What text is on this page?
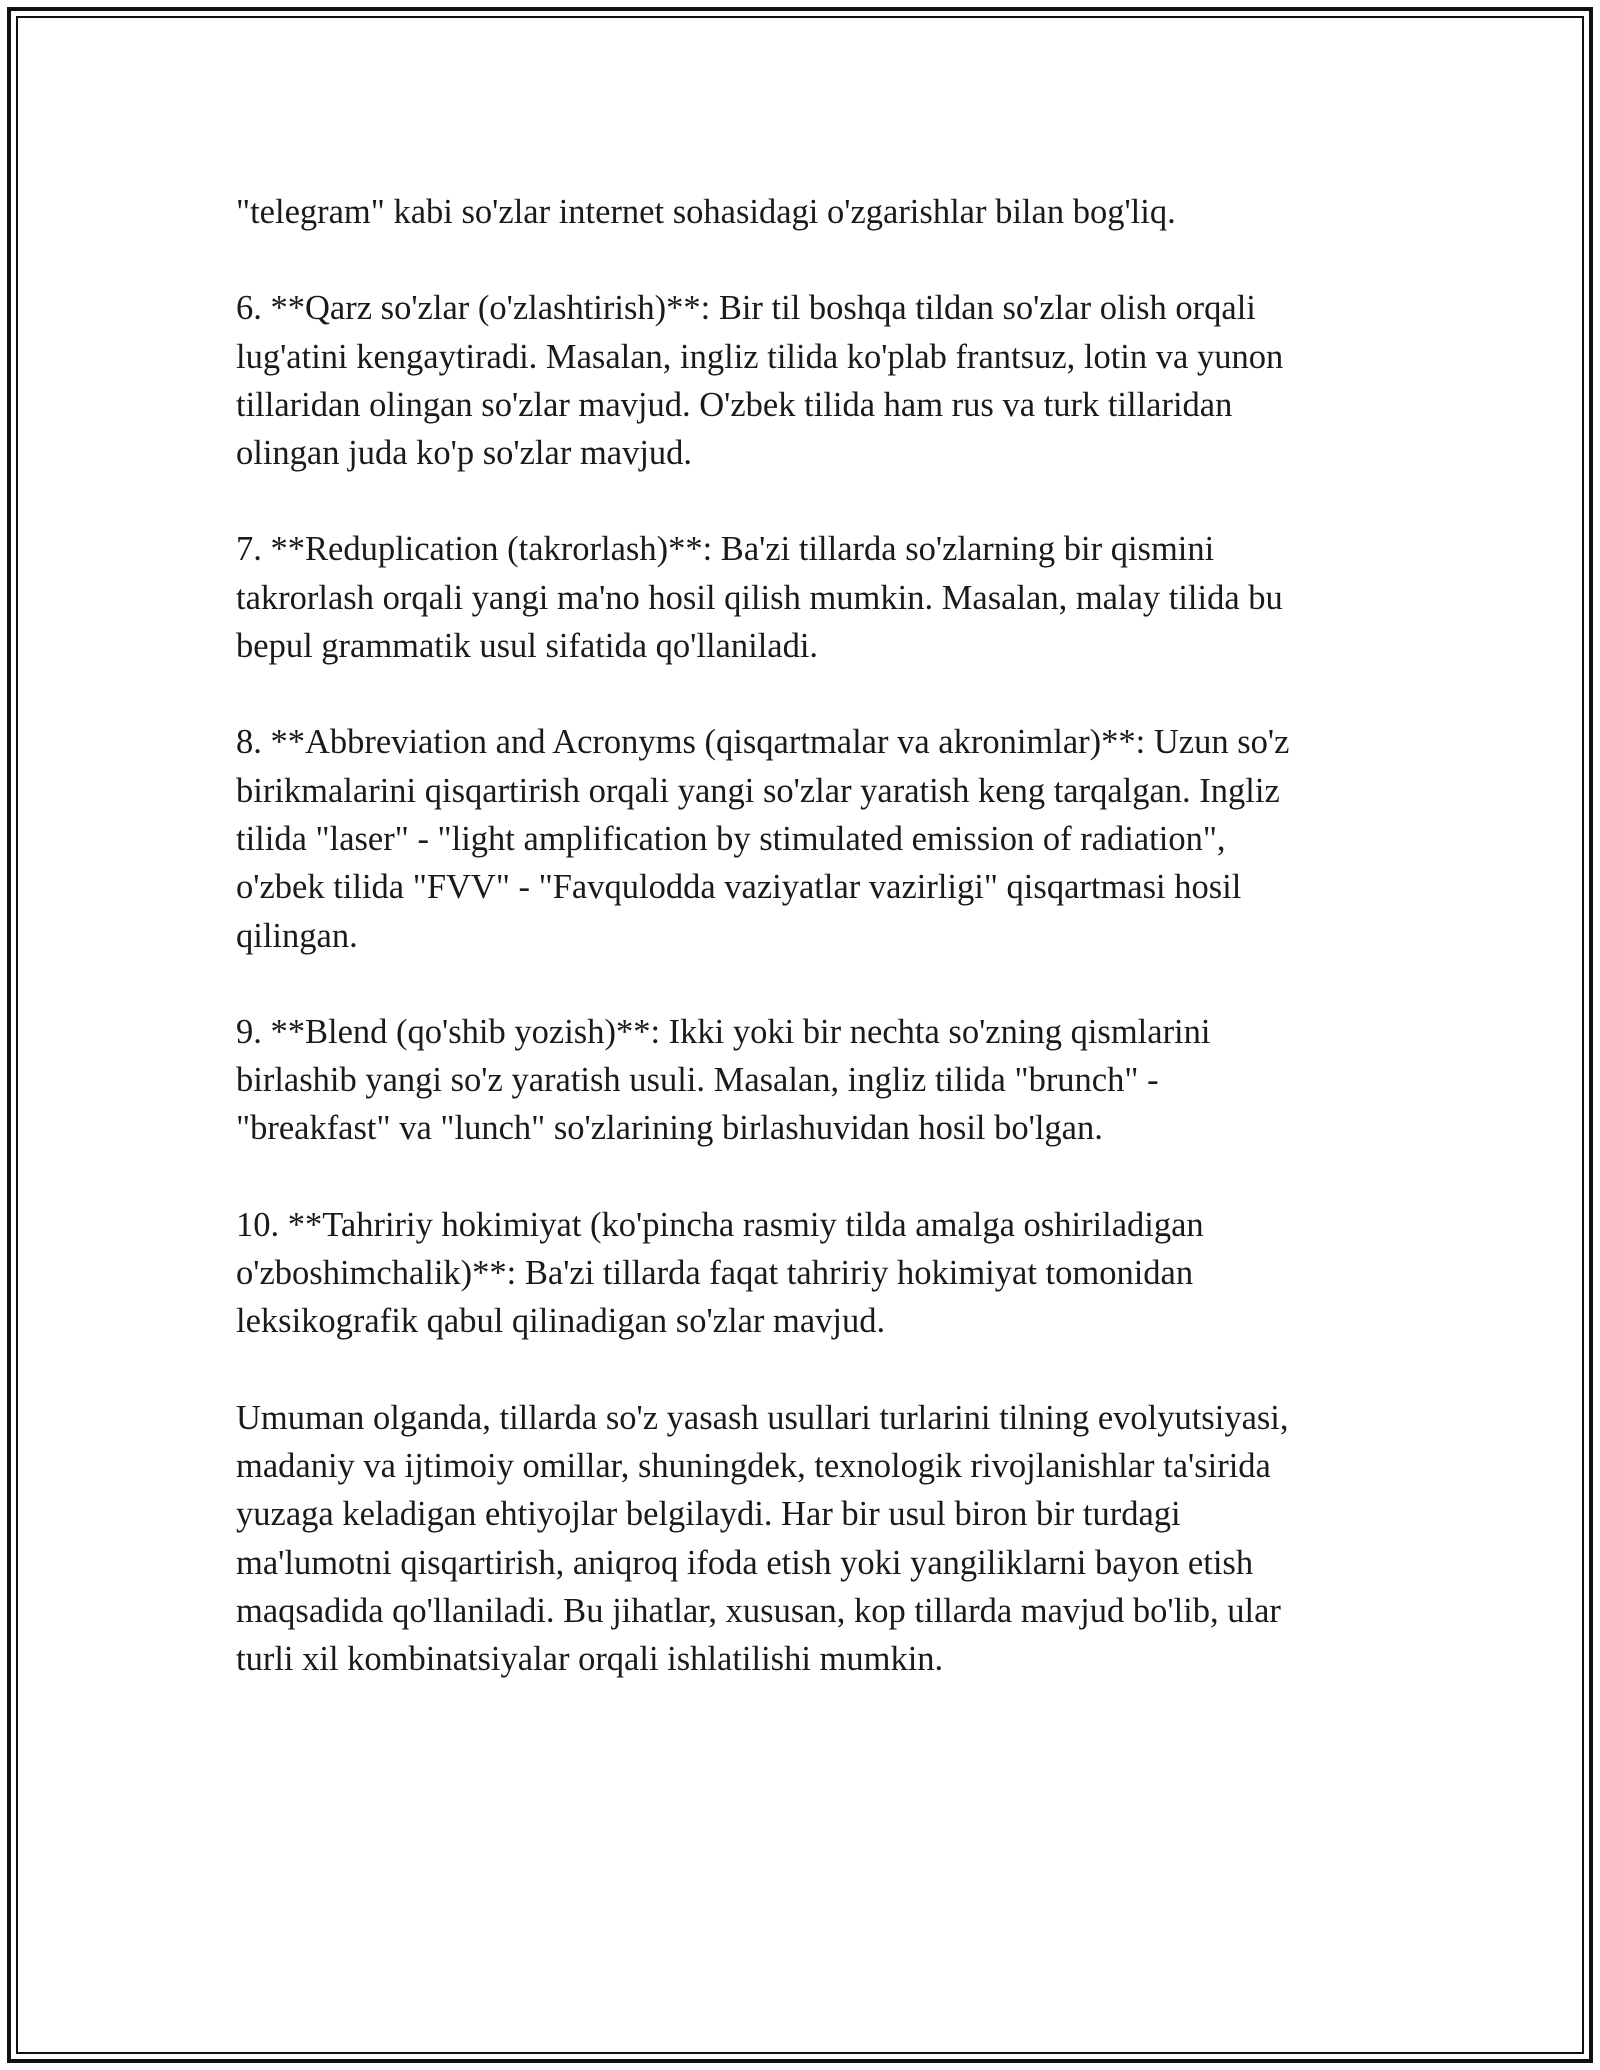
"telegram" kabi so'zlar internet sohasidagi o'zgarishlar bilan bog'liq.

6. **Qarz so'zlar (o'zlashtirish)**: Bir til boshqa tildan so'zlar olish orqali
lug'atini kengaytiradi. Masalan, ingliz tilida ko'plab frantsuz, lotin va yunon
tillaridan olingan so'zlar mavjud. O'zbek tilida ham rus va turk tillaridan
olingan juda ko'p so'zlar mavjud.

7. **Reduplication (takrorlash)**: Ba'zi tillarda so'zlarning bir qismini
takrorlash orqali yangi ma'no hosil qilish mumkin. Masalan, malay tilida bu
bepul grammatik usul sifatida qo'llaniladi.

8. **Abbreviation and Acronyms (qisqartmalar va akronimlar)**: Uzun so'z
birikmalarini qisqartirish orqali yangi so'zlar yaratish keng tarqalgan. Ingliz
tilida "laser" - "light amplification by stimulated emission of radiation",
o'zbek tilida "FVV" - "Favqulodda vaziyatlar vazirligi" qisqartmasi hosil
qilingan.

9. **Blend (qo'shib yozish)**: Ikki yoki bir nechta so'zning qismlarini
birlashib yangi so'z yaratish usuli. Masalan, ingliz tilida "brunch" -
"breakfast" va "lunch" so'zlarining birlashuvidan hosil bo'lgan.

10. **Tahririy hokimiyat (ko'pincha rasmiy tilda amalga oshiriladigan
o'zboshimchalik)**: Ba'zi tillarda faqat tahririy hokimiyat tomonidan
leksikografik qabul qilinadigan so'zlar mavjud.

Umuman olganda, tillarda so'z yasash usullari turlarini tilning evolyutsiyasi,
madaniy va ijtimoiy omillar, shuningdek, texnologik rivojlanishlar ta'sirida
yuzaga keladigan ehtiyojlar belgilaydi. Har bir usul biron bir turdagi
ma'lumotni qisqartirish, aniqroq ifoda etish yoki yangiliklarni bayon etish
maqsadida qo'llaniladi. Bu jihatlar, xususan, kop tillarda mavjud bo'lib, ular
turli xil kombinatsiyalar orqali ishlatilishi mumkin.
